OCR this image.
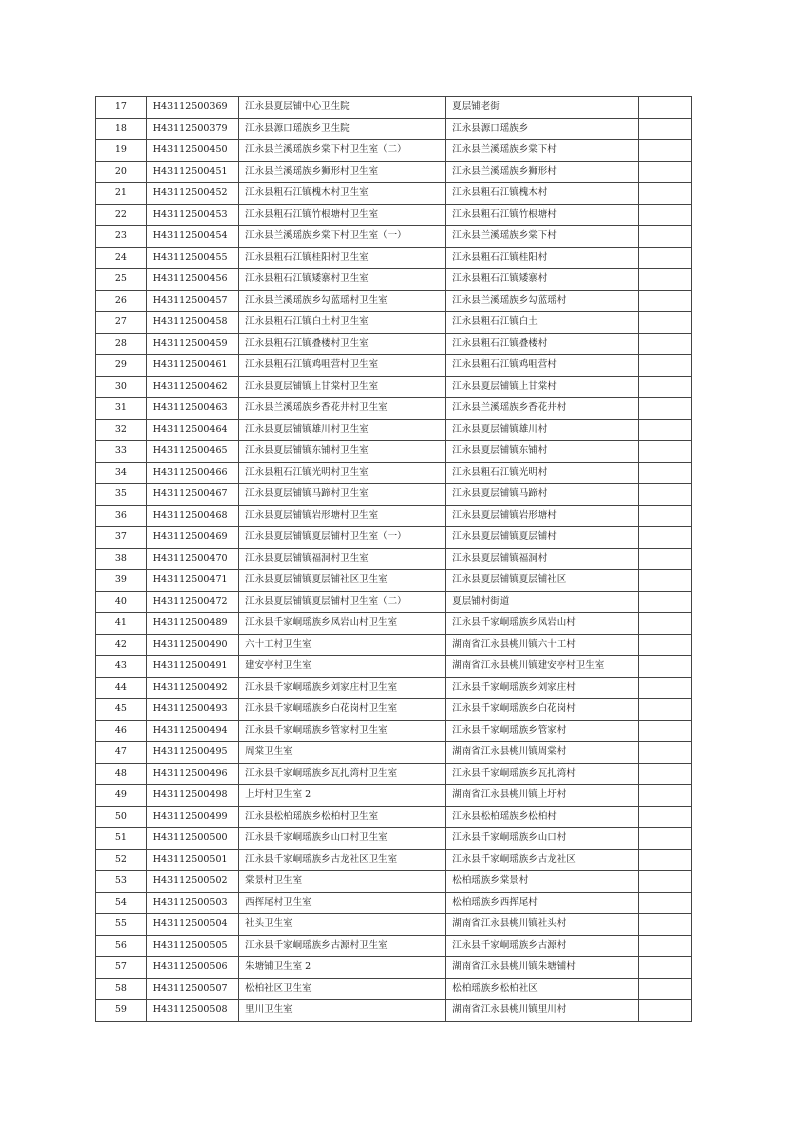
17	H43112500369	江永县夏层铺中心卫生院	夏层铺老街	
18	H43112500379	江永县源口瑶族乡卫生院	江永县源口瑶族乡	
19	H43112500450	江永县兰溪瑶族乡棠下村卫生室（二）	江永县兰溪瑶族乡棠下村	
20	H43112500451	江永县兰溪瑶族乡狮形村卫生室	江永县兰溪瑶族乡狮形村	
21	H43112500452	江永县粗石江镇槐木村卫生室	江永县粗石江镇槐木村	
22	H43112500453	江永县粗石江镇竹根塘村卫生室	江永县粗石江镇竹根塘村	
23	H43112500454	江永县兰溪瑶族乡棠下村卫生室（一）	江永县兰溪瑶族乡棠下村	
24	H43112500455	江永县粗石江镇桂阳村卫生室	江永县粗石江镇桂阳村	
25	H43112500456	江永县粗石江镇矮寨村卫生室	江永县粗石江镇矮寨村	
26	H43112500457	江永县兰溪瑶族乡勾蓝瑶村卫生室	江永县兰溪瑶族乡勾蓝瑶村	
27	H43112500458	江永县粗石江镇白土村卫生室	江永县粗石江镇白土	
28	H43112500459	江永县粗石江镇叠楼村卫生室	江永县粗石江镇叠楼村	
29	H43112500461	江永县粗石江镇鸡咀营村卫生室	江永县粗石江镇鸡咀营村	
30	H43112500462	江永县夏层铺镇上甘棠村卫生室	江永县夏层铺镇上甘棠村	
31	H43112500463	江永县兰溪瑶族乡香花井村卫生室	江永县兰溪瑶族乡香花井村	
32	H43112500464	江永县夏层铺镇雄川村卫生室	江永县夏层铺镇雄川村	
33	H43112500465	江永县夏层铺镇东铺村卫生室	江永县夏层铺镇东铺村	
34	H43112500466	江永县粗石江镇光明村卫生室	江永县粗石江镇光明村	
35	H43112500467	江永县夏层铺镇马蹄村卫生室	江永县夏层铺镇马蹄村	
36	H43112500468	江永县夏层铺镇岩形塘村卫生室	江永县夏层铺镇岩形塘村	
37	H43112500469	江永县夏层铺镇夏层铺村卫生室（一）	江永县夏层铺镇夏层铺村	
38	H43112500470	江永县夏层铺镇福洞村卫生室	江永县夏层铺镇福洞村	
39	H43112500471	江永县夏层铺镇夏层铺社区卫生室	江永县夏层铺镇夏层铺社区	
40	H43112500472	江永县夏层铺镇夏层铺村卫生室（二）	夏层铺村街道	
41	H43112500489	江永县千家峒瑶族乡凤岩山村卫生室	江永县千家峒瑶族乡凤岩山村	
42	H43112500490	六十工村卫生室	湖南省江永县桃川镇六十工村	
43	H43112500491	建安亭村卫生室	湖南省江永县桃川镇建安亭村卫生室	
44	H43112500492	江永县千家峒瑶族乡刘家庄村卫生室	江永县千家峒瑶族乡刘家庄村	
45	H43112500493	江永县千家峒瑶族乡白花岗村卫生室	江永县千家峒瑶族乡白花岗村	
46	H43112500494	江永县千家峒瑶族乡管家村卫生室	江永县千家峒瑶族乡管家村	
47	H43112500495	周棠卫生室	湖南省江永县桃川镇周棠村	
48	H43112500496	江永县千家峒瑶族乡瓦扎湾村卫生室	江永县千家峒瑶族乡瓦扎湾村	
49	H43112500498	上圩村卫生室 2	湖南省江永县桃川镇上圩村	
50	H43112500499	江永县松柏瑶族乡松柏村卫生室	江永县松柏瑶族乡松柏村	
51	H43112500500	江永县千家峒瑶族乡山口村卫生室	江永县千家峒瑶族乡山口村	
52	H43112500501	江永县千家峒瑶族乡古龙社区卫生室	江永县千家峒瑶族乡古龙社区	
53	H43112500502	棠景村卫生室	松柏瑶族乡棠景村	
54	H43112500503	西挥尾村卫生室	松柏瑶族乡西挥尾村	
55	H43112500504	社头卫生室	湖南省江永县桃川镇社头村	
56	H43112500505	江永县千家峒瑶族乡古源村卫生室	江永县千家峒瑶族乡古源村	
57	H43112500506	朱塘铺卫生室 2	湖南省江永县桃川镇朱塘铺村	
58	H43112500507	松柏社区卫生室	松柏瑶族乡松柏社区	
59	H43112500508	里川卫生室	湖南省江永县桃川镇里川村	
